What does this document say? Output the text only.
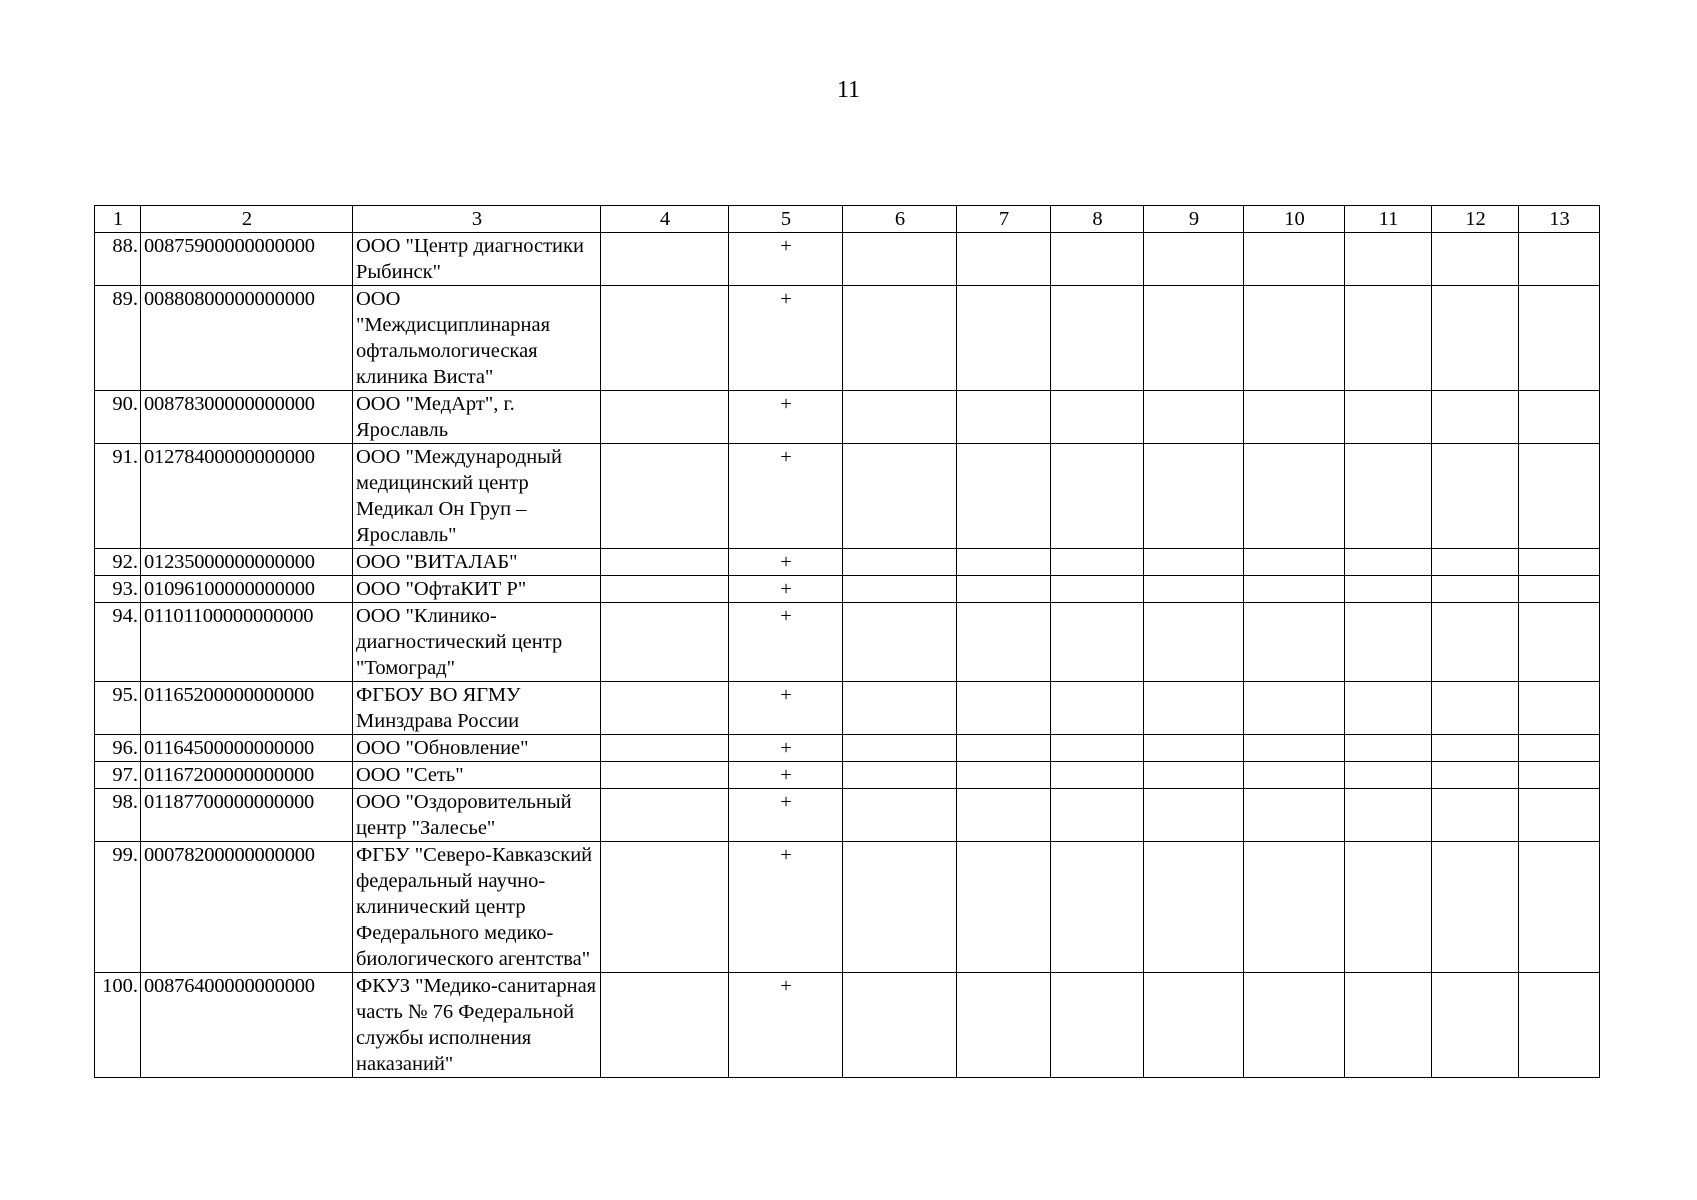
11
1	2	3	4	5	6	7	8	9	10	11	12	13
88.	00875900000000000	ООО "Центр диагностики Рыбинск"		+								
89.	00880800000000000	ООО "Междисциплинарная офтальмологическая клиника Виста"		+								
90.	00878300000000000	ООО "МедАрт", г. Ярославль		+								
91.	01278400000000000	ООО "Международный медицинский центр Медикал Он Груп – Ярославль"		+								
92.	01235000000000000	ООО "ВИТАЛАБ"		+								
93.	01096100000000000	ООО "ОфтаКИТ Р"		+								
94.	01101100000000000	ООО "Клинико-диагностический центр "Томоград"		+								
95.	01165200000000000	ФГБОУ ВО ЯГМУ Минздрава России		+								
96.	01164500000000000	ООО "Обновление"		+								
97.	01167200000000000	ООО "Сеть"		+								
98.	01187700000000000	ООО "Оздоровительный центр "Залесье"		+								
99.	00078200000000000	ФГБУ "Северо-Кавказский федеральный научно-клинический центр Федерального медико-биологического агентства"		+								
100.	00876400000000000	ФКУЗ "Медико-санитарная часть № 76 Федеральной службы исполнения наказаний"		+								
